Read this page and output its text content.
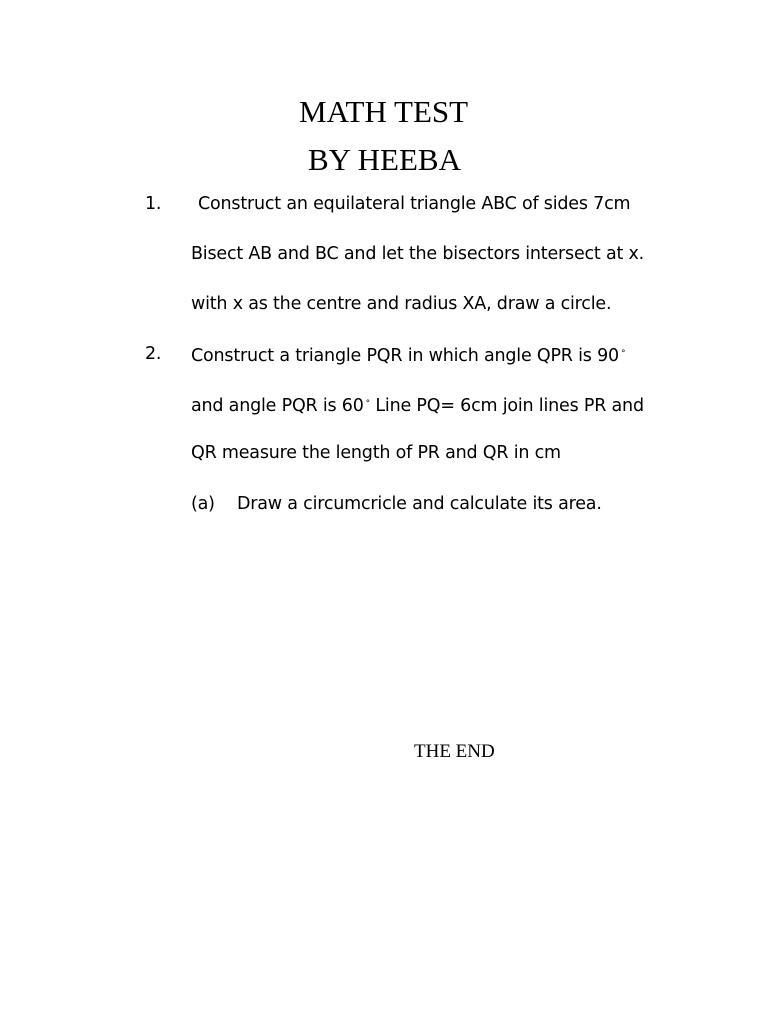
MATH TEST
BY HEEBA
1. Construct an equilateral triangle ABC of sides 7cm
Bisect AB and BC and let the bisectors intersect at x.
with x as the centre and radius XA, draw a circle.
2. Construct a triangle PQR in which angle QPR is 90 °
and angle PQR is 60 ° Line PQ= 6cm join lines PR and
QR measure the length of PR and QR in cm
(a) Draw a circumcricle and calculate its area.
THE END
